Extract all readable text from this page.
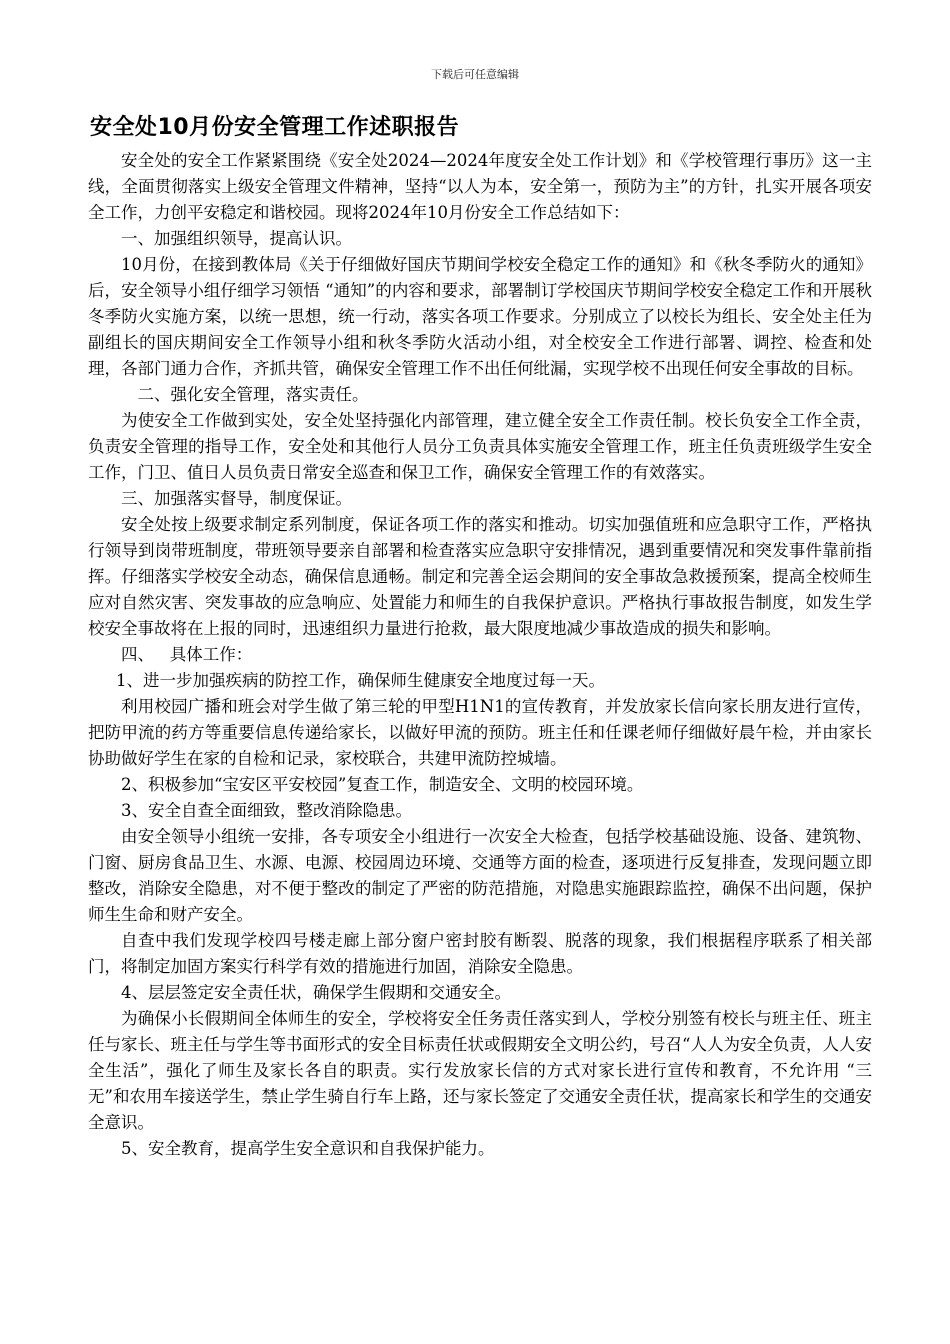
下载后可任意编辑
安全处10月份安全管理工作述职报告

安全处的安全工作紧紧围绕《安全处2024—2024年度安全处工作计划》和《学校管理行事历》这一主线，全面贯彻落实上级安全管理文件精神，坚持“以人为本，安全第一，预防为主”的方针，扎实开展各项安全工作，力创平安稳定和谐校园。现将2024年10月份安全工作总结如下：

一、加强组织领导，提高认识。

10月份，在接到教体局《关于仔细做好国庆节期间学校安全稳定工作的通知》和《秋冬季防火的通知》后，安全领导小组仔细学习领悟 “通知”的内容和要求，部署制订学校国庆节期间学校安全稳定工作和开展秋冬季防火实施方案，以统一思想，统一行动，落实各项工作要求。分别成立了以校长为组长、安全处主任为副组长的国庆期间安全工作领导小组和秋冬季防火活动小组，对全校安全工作进行部署、调控、检查和处理，各部门通力合作，齐抓共管，确保安全管理工作不出任何纰漏，实现学校不出现任何安全事故的目标。

二、强化安全管理，落实责任。

为使安全工作做到实处，安全处坚持强化内部管理，建立健全安全工作责任制。校长负安全工作全责，负责安全管理的指导工作，安全处和其他行人员分工负责具体实施安全管理工作，班主任负责班级学生安全工作，门卫、值日人员负责日常安全巡查和保卫工作，确保安全管理工作的有效落实。

三、加强落实督导，制度保证。

安全处按上级要求制定系列制度，保证各项工作的落实和推动。切实加强值班和应急职守工作，严格执行领导到岗带班制度，带班领导要亲自部署和检查落实应急职守安排情况，遇到重要情况和突发事件靠前指挥。仔细落实学校安全动态，确保信息通畅。制定和完善全运会期间的安全事故急救援预案，提高全校师生应对自然灾害、突发事故的应急响应、处置能力和师生的自我保护意识。严格执行事故报告制度，如发生学校安全事故将在上报的同时，迅速组织力量进行抢救，最大限度地减少事故造成的损失和影响。

四、   具体工作：

1、进一步加强疾病的防控工作，确保师生健康安全地度过每一天。

利用校园广播和班会对学生做了第三轮的甲型H1N1的宣传教育，并发放家长信向家长朋友进行宣传，把防甲流的药方等重要信息传递给家长，以做好甲流的预防。班主任和任课老师仔细做好晨午检，并由家长协助做好学生在家的自检和记录，家校联合，共建甲流防控城墙。

2、积极参加“宝安区平安校园”复查工作，制造安全、文明的校园环境。

3、安全自查全面细致，整改消除隐患。

由安全领导小组统一安排，各专项安全小组进行一次安全大检查，包括学校基础设施、设备、建筑物、门窗、厨房食品卫生、水源、电源、校园周边环境、交通等方面的检查，逐项进行反复排查，发现问题立即整改，消除安全隐患，对不便于整改的制定了严密的防范措施，对隐患实施跟踪监控，确保不出问题，保护师生生命和财产安全。

自查中我们发现学校四号楼走廊上部分窗户密封胶有断裂、脱落的现象，我们根据程序联系了相关部门，将制定加固方案实行科学有效的措施进行加固，消除安全隐患。

4、层层签定安全责任状，确保学生假期和交通安全。

为确保小长假期间全体师生的安全，学校将安全任务责任落实到人，学校分别签有校长与班主任、班主任与家长、班主任与学生等书面形式的安全目标责任状或假期安全文明公约，号召“人人为安全负责，人人安全生活”，强化了师生及家长各自的职责。实行发放家长信的方式对家长进行宣传和教育，不允许用 “三无”和农用车接送学生，禁止学生骑自行车上路，还与家长签定了交通安全责任状，提高家长和学生的交通安全意识。

5、安全教育，提高学生安全意识和自我保护能力。
